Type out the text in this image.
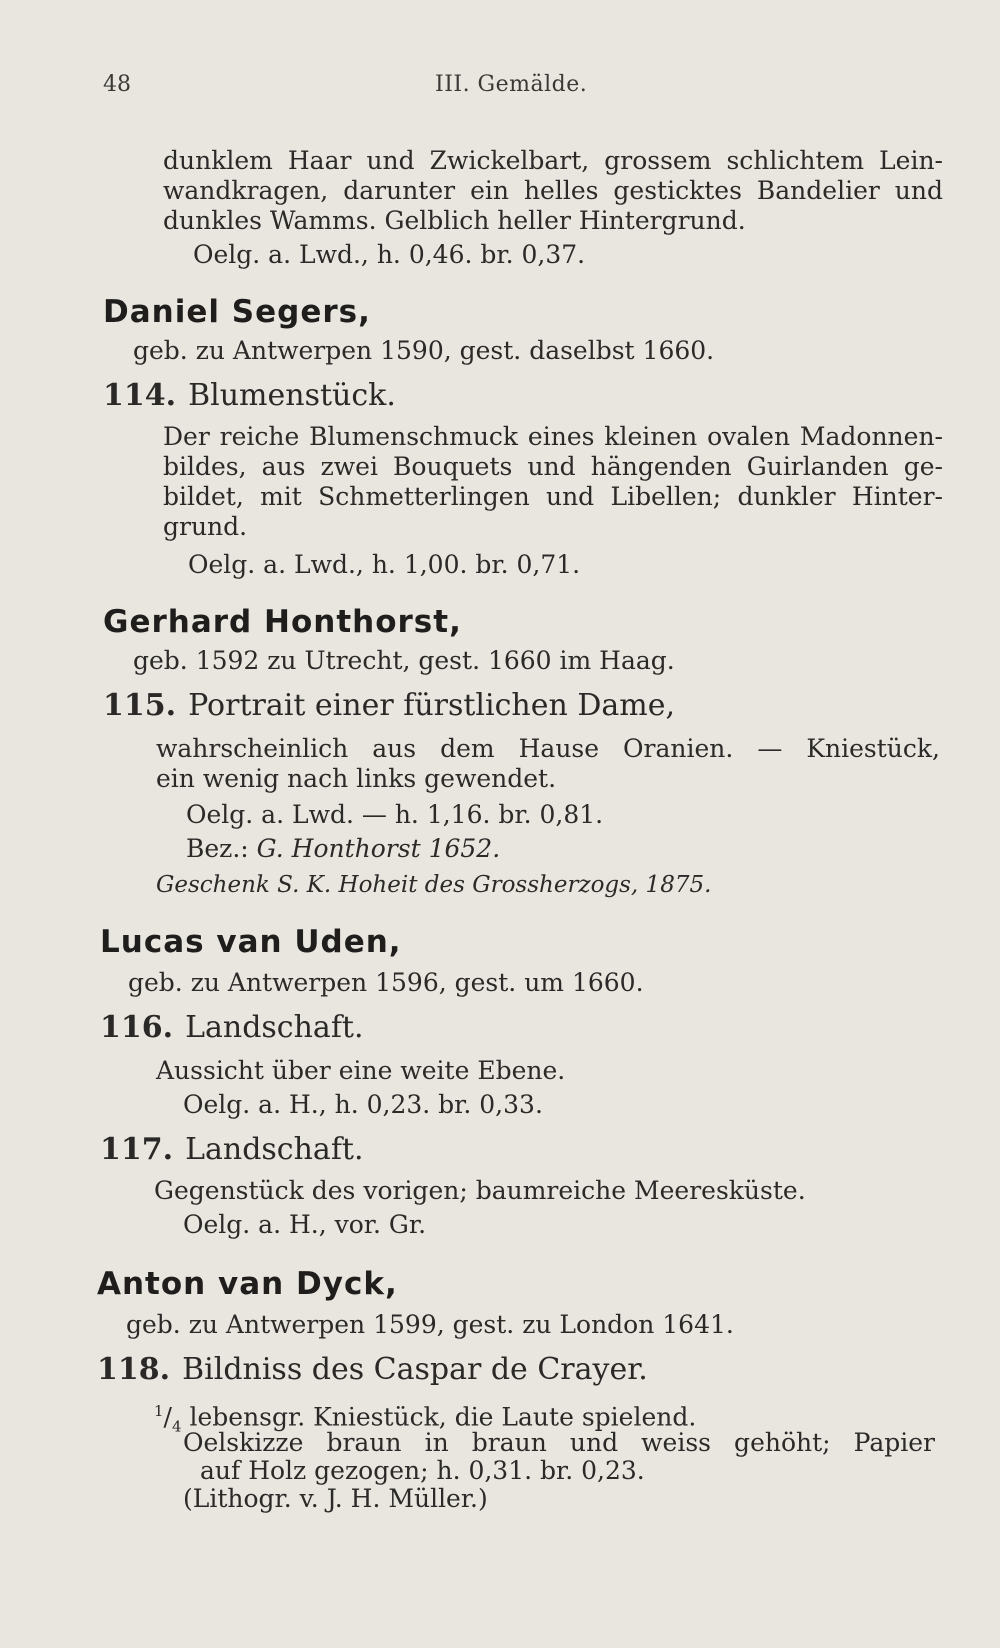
48	III. Gemälde.
dunklem Haar und Zwickelbart, grossem schlichtem Lein-
wandkragen, darunter ein helles gesticktes Bandelier und
dunkles Wamms. Gelblich heller Hintergrund.
Oelg. a. Lwd., h. 0,46. br. 0,37.
Daniel Segers,
geb. zu Antwerpen 1590, gest. daselbst 1660.
114. Blumenstück.
Der reiche Blumenschmuck eines kleinen ovalen Madonnen-
bildes, aus zwei Bouquets und hängenden Guirlanden ge-
bildet, mit Schmetterlingen und Libellen; dunkler Hinter-
grund.
Oelg. a. Lwd., h. 1,00. br. 0,71.
Gerhard Honthorst,
geb. 1592 zu Utrecht, gest. 1660 im Haag.
115. Portrait einer fürstlichen Dame,
wahrscheinlich aus dem Hause Oranien. — Kniestück,
ein wenig nach links gewendet.
Oelg. a. Lwd. — h. 1,16. br. 0,81.
Bez.: G. Honthorst 1652.
Geschenk S. K. Hoheit des Grossherzogs, 1875.
Lucas van Uden,
geb. zu Antwerpen 1596, gest. um 1660.
116. Landschaft.
Aussicht über eine weite Ebene.
Oelg. a. H., h. 0,23. br. 0,33.
117. Landschaft.
Gegenstück des vorigen; baumreiche Meeresküste.
Oelg. a. H., vor. Gr.
Anton van Dyck,
geb. zu Antwerpen 1599, gest. zu London 1641.
118. Bildniss des Caspar de Crayer.
$^1/_4$ lebensgr. Kniestück, die Laute spielend.
Oelskizze braun in braun und weiss gehöht; Papier
auf Holz gezogen; h. 0,31. br. 0,23.
(Lithogr. v. J. H. Müller.)
